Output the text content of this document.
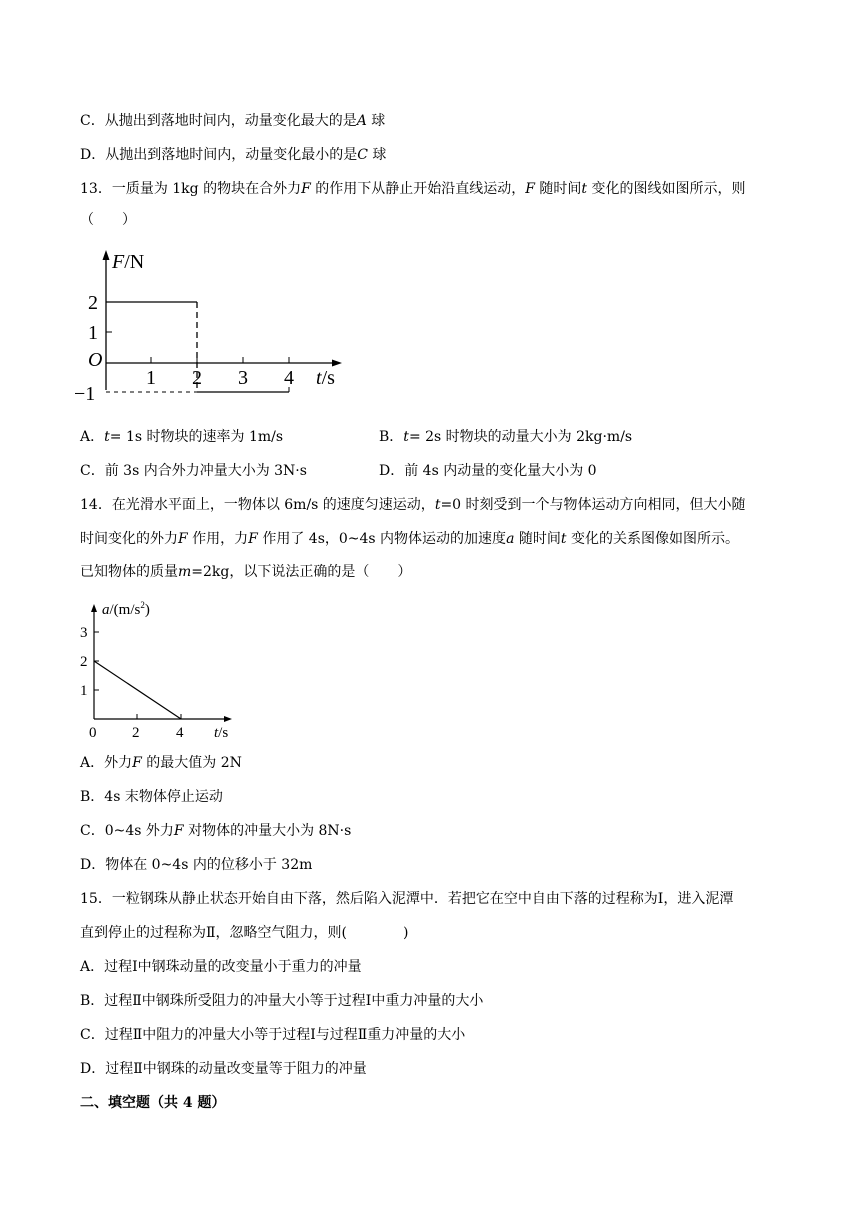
C．从抛出到落地时间内，动量变化最大的是A 球
D．从抛出到落地时间内，动量变化最小的是C 球
13．一质量为 1kg 的物块在合外力F 的作用下从静止开始沿直线运动，F 随时间t 变化的图线如图所示，则
（　　）
F/N
2
1
O
−1
1 2 3 4 t/s
A．t= 1s 时物块的速率为 1m/s	B．t= 2s 时物块的动量大小为 2kg·m/s
C．前 3s 内合外力冲量大小为 3N·s	D．前 4s 内动量的变化量大小为 0
14．在光滑水平面上，一物体以 6m/s 的速度匀速运动，t=0 时刻受到一个与物体运动方向相同，但大小随
时间变化的外力F 作用，力F 作用了 4s，0~4s 内物体运动的加速度a 随时间t 变化的关系图像如图所示。
已知物体的质量m=2kg，以下说法正确的是（　　）
$a/(m/s^2)$
3
2
1
0 2 4 t/s
A．外力F 的最大值为 2N
B．4s 末物体停止运动
C．0~4s 外力F 对物体的冲量大小为 8N·s
D．物体在 0~4s 内的位移小于 32m
15．一粒钢珠从静止状态开始自由下落，然后陷入泥潭中．若把它在空中自由下落的过程称为Ⅰ，进入泥潭
直到停止的过程称为Ⅱ，忽略空气阻力，则(　　　　)
A．过程Ⅰ中钢珠动量的改变量小于重力的冲量
B．过程Ⅱ中钢珠所受阻力的冲量大小等于过程Ⅰ中重力冲量的大小
C．过程Ⅱ中阻力的冲量大小等于过程Ⅰ与过程Ⅱ重力冲量的大小
D．过程Ⅱ中钢珠的动量改变量等于阻力的冲量
二、填空题（共 4 题）
